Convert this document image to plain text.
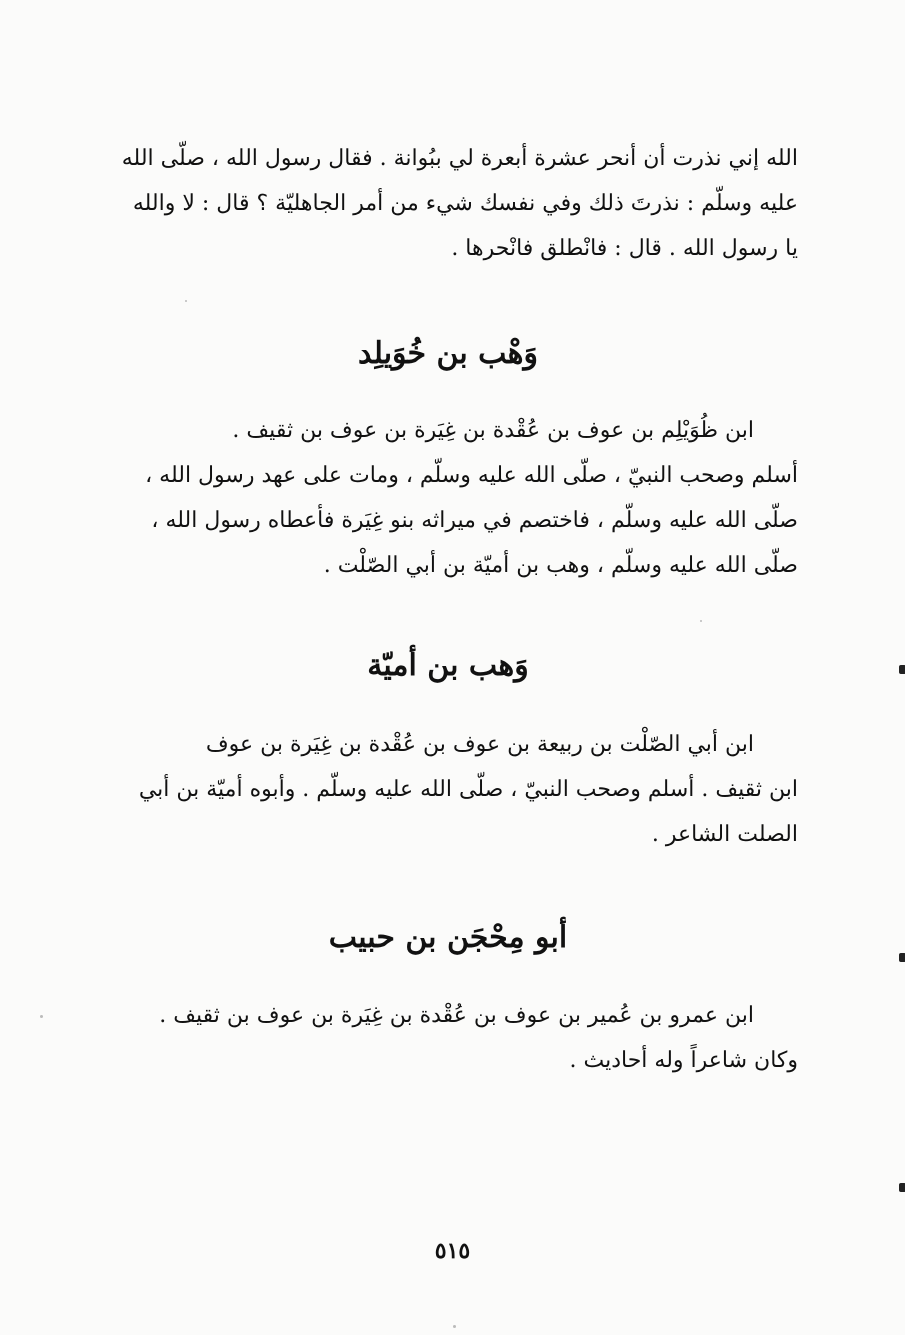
الله إني نذرت أن أنحر عشرة أبعرة لي ببُوانة . فقال رسول الله ، صلّى الله

عليه وسلّم : نذرتَ ذلك وفي نفسك شيء من أمر الجاهليّة ؟ قال : لا والله

يا رسول الله . قال : فانْطلق فانْحرها .

وَهْب بن خُوَيلِد

ابن ظُوَيْلِم بن عوف بن عُقْدة بن غِيَرة بن عوف بن ثقيف .

أسلم وصحب النبيّ ، صلّى الله عليه وسلّم ، ومات على عهد رسول الله ،

صلّى الله عليه وسلّم ، فاختصم في ميراثه بنو غِيَرة فأعطاه رسول الله ،

صلّى الله عليه وسلّم ، وهب بن أميّة بن أبي الصّلْت .

وَهب بن أميّة

ابن أبي الصّلْت بن ربيعة بن عوف بن عُقْدة بن غِيَرة بن عوف

ابن ثقيف . أسلم وصحب النبيّ ، صلّى الله عليه وسلّم . وأبوه أميّة بن أبي

الصلت الشاعر .

أبو مِحْجَن بن حبيب

ابن عمرو بن عُمير بن عوف بن عُقْدة بن غِيَرة بن عوف بن ثقيف .

وكان شاعراً وله أحاديث .

٥١٥
